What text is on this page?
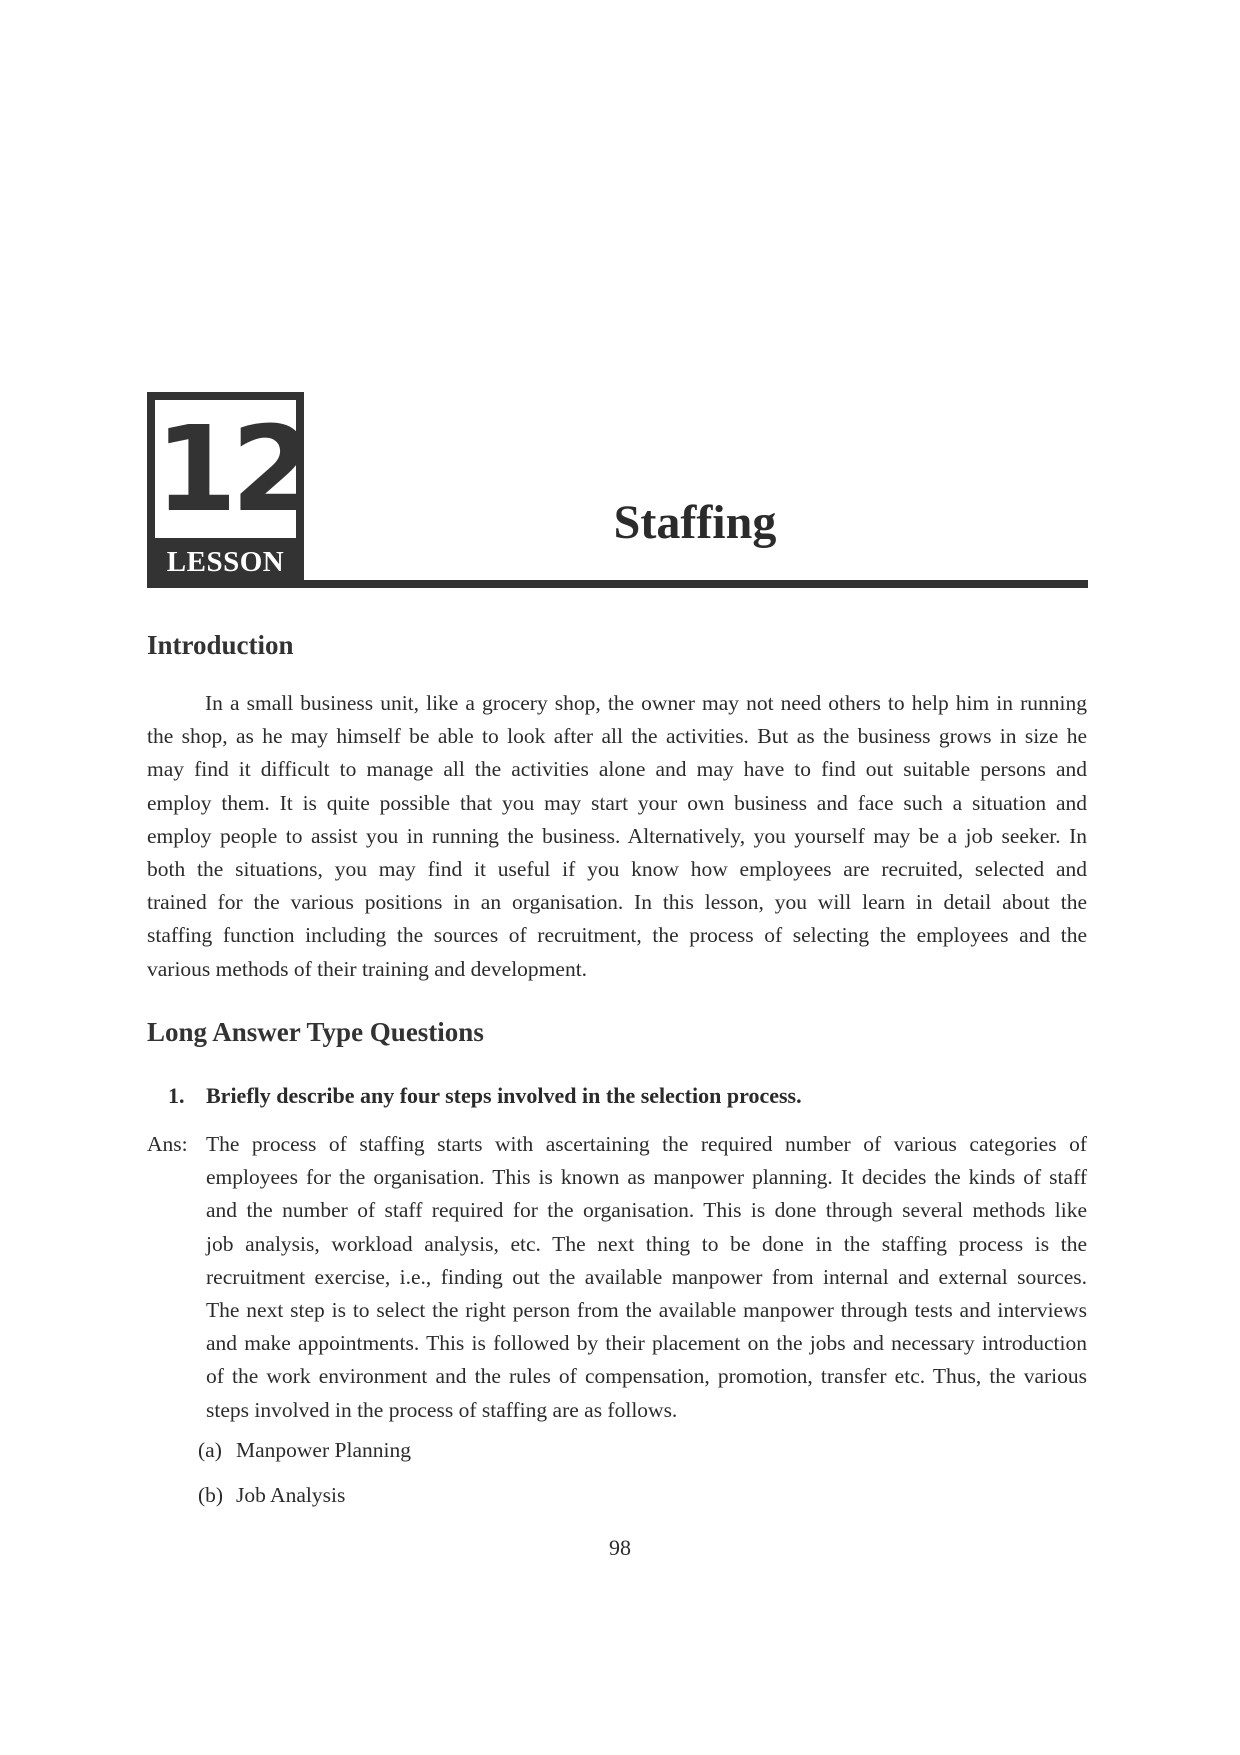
12
LESSON
Staffing
Introduction
In a small business unit, like a grocery shop, the owner may not need others to help him in running
the shop, as he may himself be able to look after all the activities. But as the business grows in size he
may find it difficult to manage all the activities alone and may have to find out suitable persons and
employ them. It is quite possible that you may start your own business and face such a situation and
employ people to assist you in running the business. Alternatively, you yourself may be a job seeker. In
both the situations, you may find it useful if you know how employees are recruited, selected and
trained for the various positions in an organisation. In this lesson, you will learn in detail about the
staffing function including the sources of recruitment, the process of selecting the employees and the
various methods of their training and development.
Long Answer Type Questions
1. Briefly describe any four steps involved in the selection process.
Ans: The process of staffing starts with ascertaining the required number of various categories of
employees for the organisation. This is known as manpower planning. It decides the kinds of staff
and the number of staff required for the organisation. This is done through several methods like
job analysis, workload analysis, etc. The next thing to be done in the staffing process is the
recruitment exercise, i.e., finding out the available manpower from internal and external sources.
The next step is to select the right person from the available manpower through tests and interviews
and make appointments. This is followed by their placement on the jobs and necessary introduction
of the work environment and the rules of compensation, promotion, transfer etc. Thus, the various
steps involved in the process of staffing are as follows.
(a) Manpower Planning
(b) Job Analysis
98
